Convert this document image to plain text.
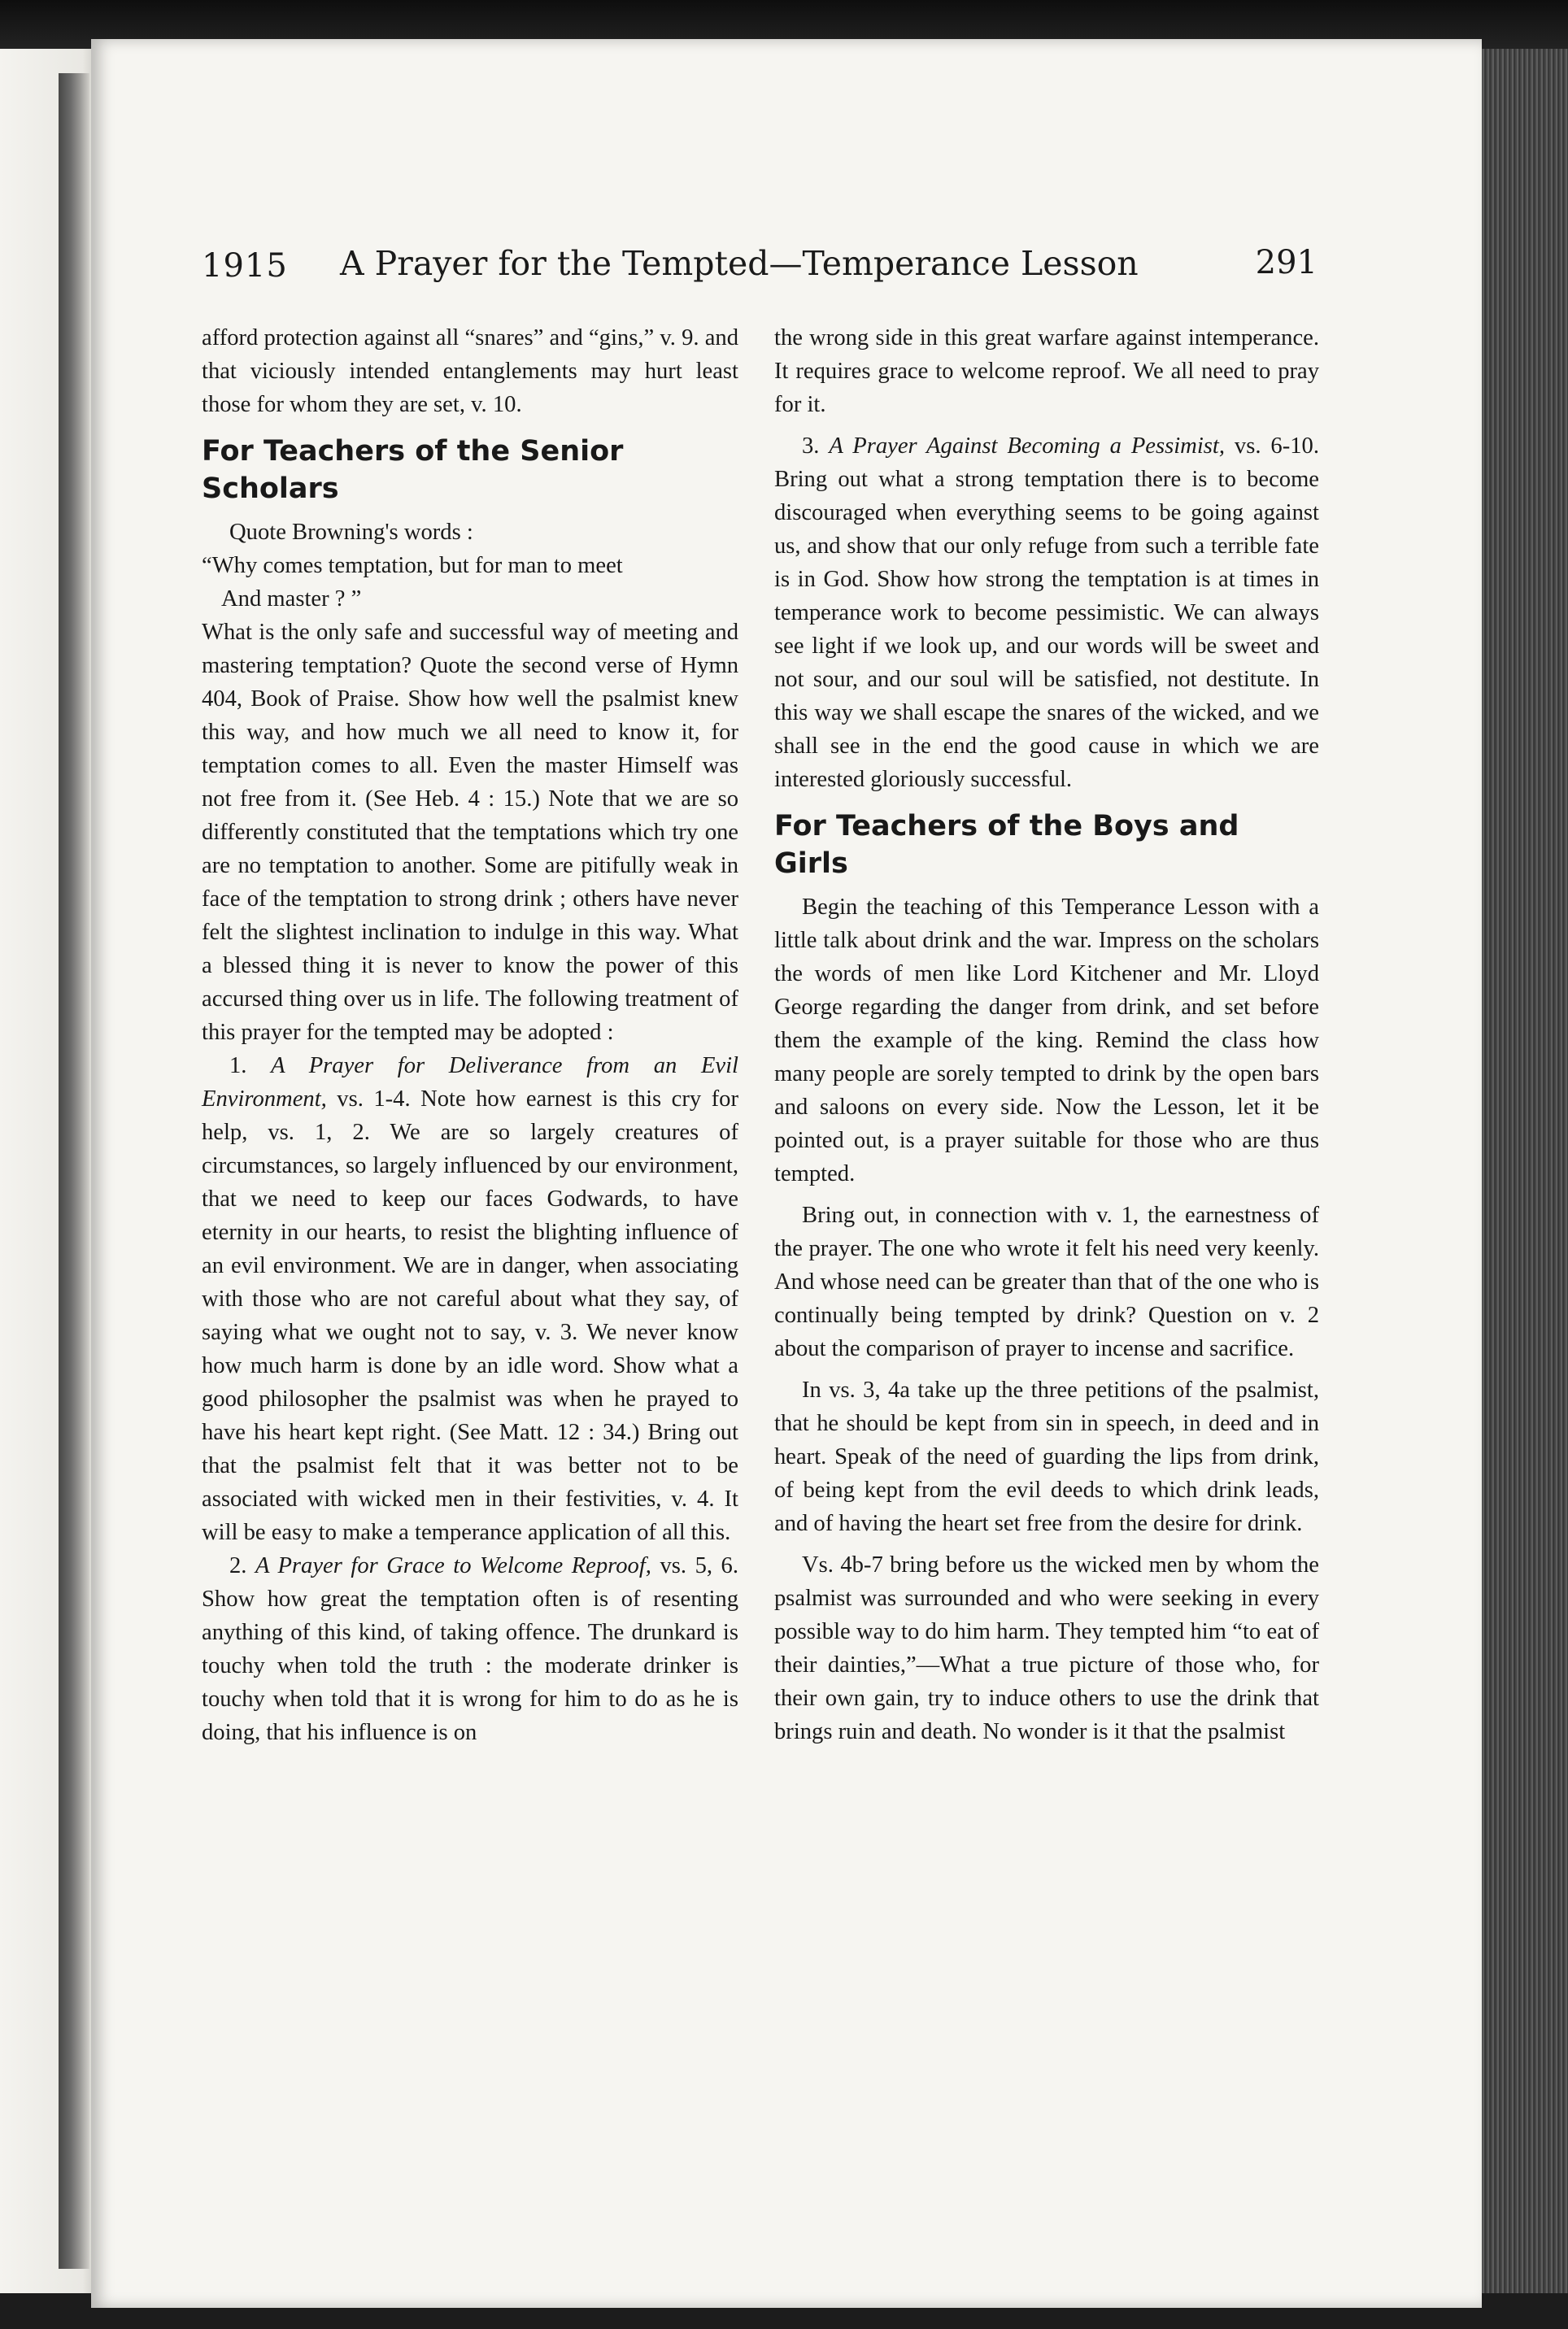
1915 A Prayer for the Tempted—Temperance Lesson	291

afford protection against all “snares” and “gins,” v. 9. and that viciously intended entanglements may hurt least those for whom they are set, v. 10.

For Teachers of the Senior Scholars

Quote Browning's words :

“Why comes temptation, but for man to meet

And master ? ”

What is the only safe and successful way of meeting and mastering temptation? Quote the second verse of Hymn 404, Book of Praise. Show how well the psalmist knew this way, and how much we all need to know it, for temptation comes to all. Even the master Himself was not free from it. (See Heb. 4 : 15.) Note that we are so differently constituted that the temptations which try one are no temptation to another. Some are pitifully weak in face of the temptation to strong drink ; others have never felt the slightest inclination to indulge in this way. What a blessed thing it is never to know the power of this accursed thing over us in life. The following treatment of this prayer for the tempted may be adopted :

1. A Prayer for Deliverance from an Evil Environment, vs. 1-4. Note how earnest is this cry for help, vs. 1, 2. We are so largely creatures of circumstances, so largely influenced by our environment, that we need to keep our faces Godwards, to have eternity in our hearts, to resist the blighting influence of an evil environment. We are in danger, when associating with those who are not careful about what they say, of saying what we ought not to say, v. 3. We never know how much harm is done by an idle word. Show what a good philosopher the psalmist was when he prayed to have his heart kept right. (See Matt. 12 : 34.) Bring out that the psalmist felt that it was better not to be associated with wicked men in their festivities, v. 4. It will be easy to make a temperance application of all this.

2. A Prayer for Grace to Welcome Reproof, vs. 5, 6. Show how great the temptation often is of resenting anything of this kind, of taking offence. The drunkard is touchy when told the truth : the moderate drinker is touchy when told that it is wrong for him to do as he is doing, that his influence is on

the wrong side in this great warfare against intemperance. It requires grace to welcome reproof. We all need to pray for it.

3. A Prayer Against Becoming a Pessimist, vs. 6-10. Bring out what a strong temptation there is to become discouraged when everything seems to be going against us, and show that our only refuge from such a terrible fate is in God. Show how strong the temptation is at times in temperance work to become pessimistic. We can always see light if we look up, and our words will be sweet and not sour, and our soul will be satisfied, not destitute. In this way we shall escape the snares of the wicked, and we shall see in the end the good cause in which we are interested gloriously successful.

For Teachers of the Boys and Girls

Begin the teaching of this Temperance Lesson with a little talk about drink and the war. Impress on the scholars the words of men like Lord Kitchener and Mr. Lloyd George regarding the danger from drink, and set before them the example of the king. Remind the class how many people are sorely tempted to drink by the open bars and saloons on every side. Now the Lesson, let it be pointed out, is a prayer suitable for those who are thus tempted.

Bring out, in connection with v. 1, the earnestness of the prayer. The one who wrote it felt his need very keenly. And whose need can be greater than that of the one who is continually being tempted by drink? Question on v. 2 about the comparison of prayer to incense and sacrifice.

In vs. 3, 4a take up the three petitions of the psalmist, that he should be kept from sin in speech, in deed and in heart. Speak of the need of guarding the lips from drink, of being kept from the evil deeds to which drink leads, and of having the heart set free from the desire for drink.

Vs. 4b-7 bring before us the wicked men by whom the psalmist was surrounded and who were seeking in every possible way to do him harm. They tempted him “to eat of their dainties,”—What a true picture of those who, for their own gain, try to induce others to use the drink that brings ruin and death. No wonder is it that the psalmist
